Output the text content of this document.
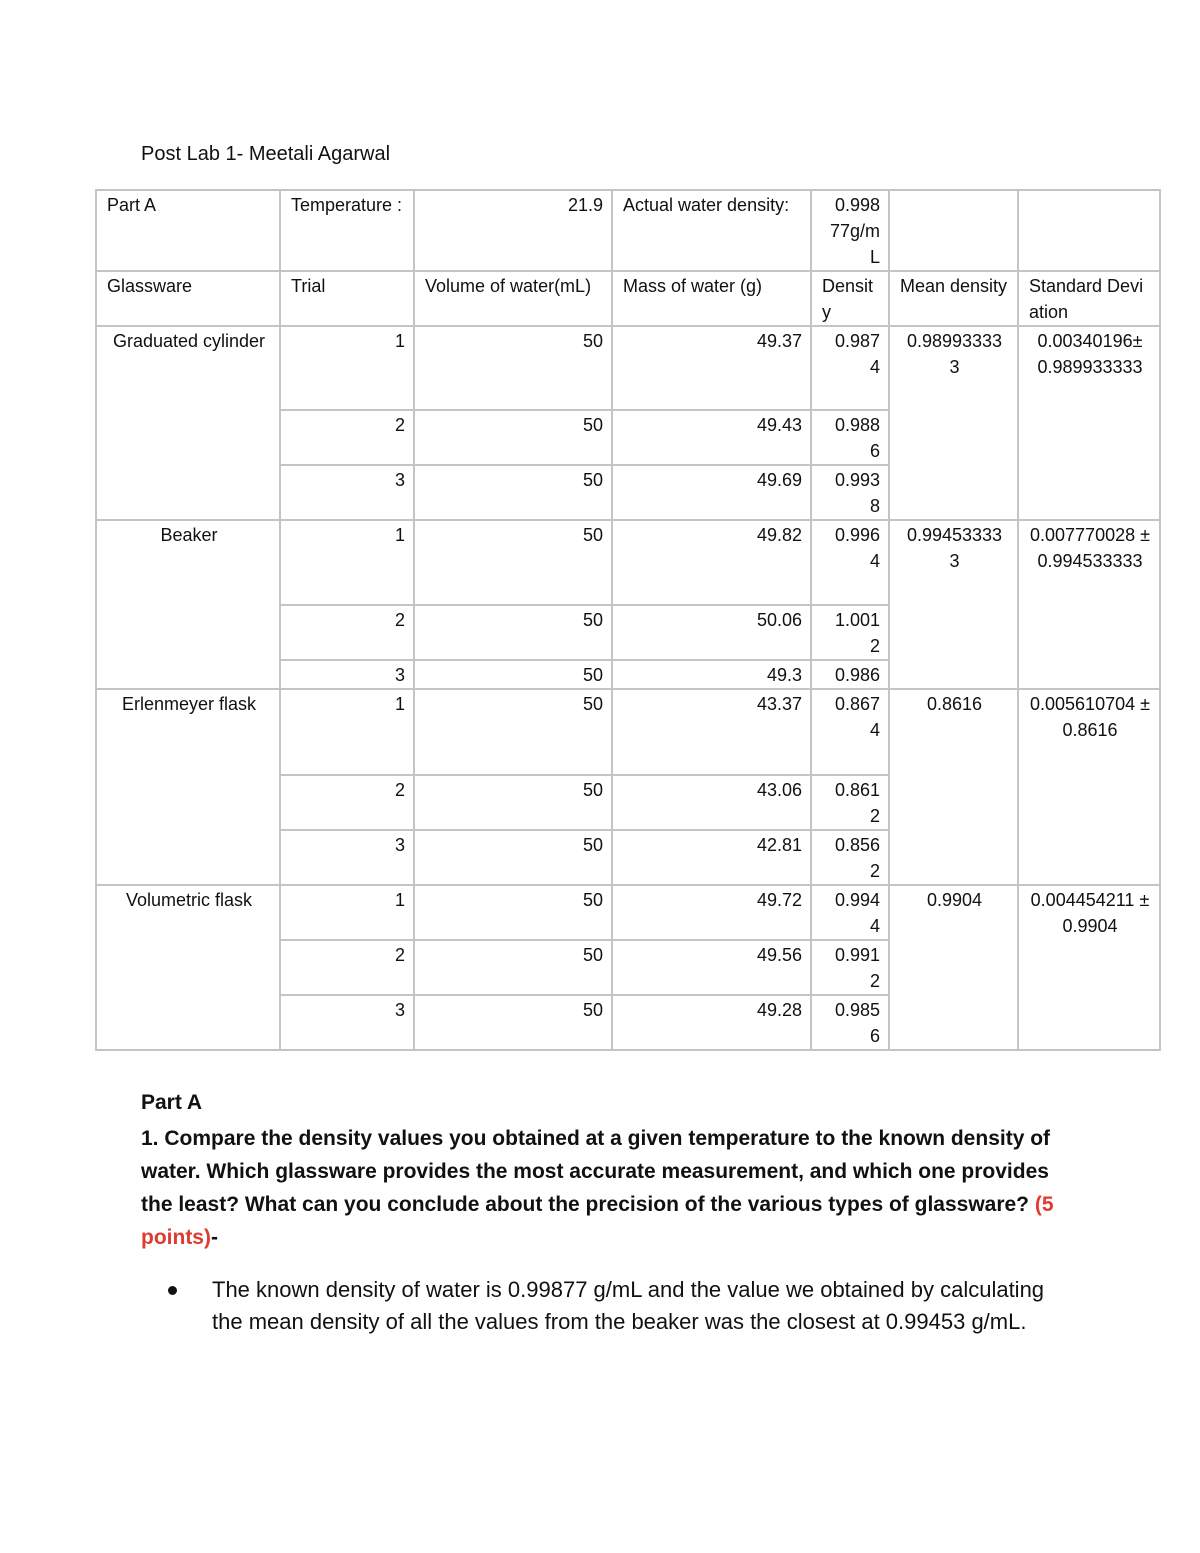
Post Lab 1- Meetali Agarwal
Part A	Temperature :	21.9	Actual water density:	0.998 77g/m L		
Glassware	Trial	Volume of water(mL)	Mass of water (g)	Densit y	Mean density	Standard Deviation
Graduated cylinder	1	50	49.37	0.987 4	0.98993333 3	0.00340196± 0.989933333
	2	50	49.43	0.988 6		
	3	50	49.69	0.993 8		
Beaker	1	50	49.82	0.996 4	0.99453333 3	0.007770028 ± 0.994533333
	2	50	50.06	1.001 2		
	3	50	49.3	0.986		
Erlenmeyer flask	1	50	43.37	0.867 4	0.8616	0.005610704 ± 0.8616
	2	50	43.06	0.861 2		
	3	50	42.81	0.856 2		
Volumetric flask	1	50	49.72	0.994 4	0.9904	0.004454211 ± 0.9904
	2	50	49.56	0.991 2		
	3	50	49.28	0.985 6		
Part A
1. Compare the density values you obtained at a given temperature to the known density of water. Which glassware provides the most accurate measurement, and which one provides the least? What can you conclude about the precision of the various types of glassware? (5 points)-
The known density of water is 0.99877 g/mL and the value we obtained by calculating the mean density of all the values from the beaker was the closest at 0.99453 g/mL.
